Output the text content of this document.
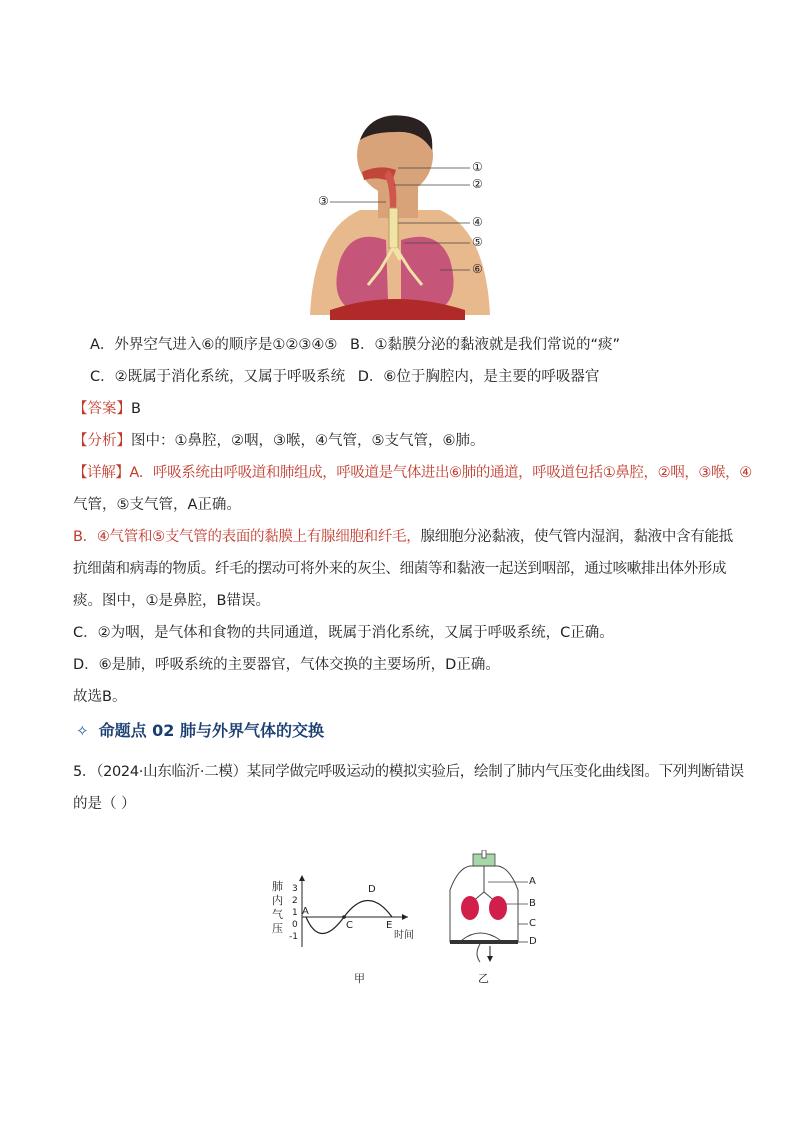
①
②
③
④
⑤
⑥
A．外界空气进入⑥的顺序是①②③④⑤ B．①黏膜分泌的黏液就是我们常说的“痰”
C．②既属于消化系统，又属于呼吸系统 D．⑥位于胸腔内，是主要的呼吸器官
【答案】B
【分析】图中：①鼻腔，②咽，③喉，④气管，⑤支气管，⑥肺。
【详解】A．呼吸系统由呼吸道和肺组成，呼吸道是气体进出⑥肺的通道，呼吸道包括①鼻腔，②咽，③喉，④
气管，⑤支气管，A正确。
B．④气管和⑤支气管的表面的黏膜上有腺细胞和纤毛，腺细胞分泌黏液，使气管内湿润，黏液中含有能抵
抗细菌和病毒的物质。纤毛的摆动可将外来的灰尘、细菌等和黏液一起送到咽部，通过咳嗽排出体外形成
痰。图中，①是鼻腔，B错误。
C．②为咽，是气体和食物的共同通道，既属于消化系统，又属于呼吸系统，C正确。
D．⑥是肺，呼吸系统的主要器官，气体交换的主要场所，D正确。
故选B。
✧ 命题点 02 肺与外界气体的交换
5．（2024·山东临沂·二模）某同学做完呼吸运动的模拟实验后，绘制了肺内气压变化曲线图。下列判断错误
的是（ ）
肺
内
气
压
3
2
1
0
-1
A
C
D
E
时间
甲
A
B
C
D
乙
